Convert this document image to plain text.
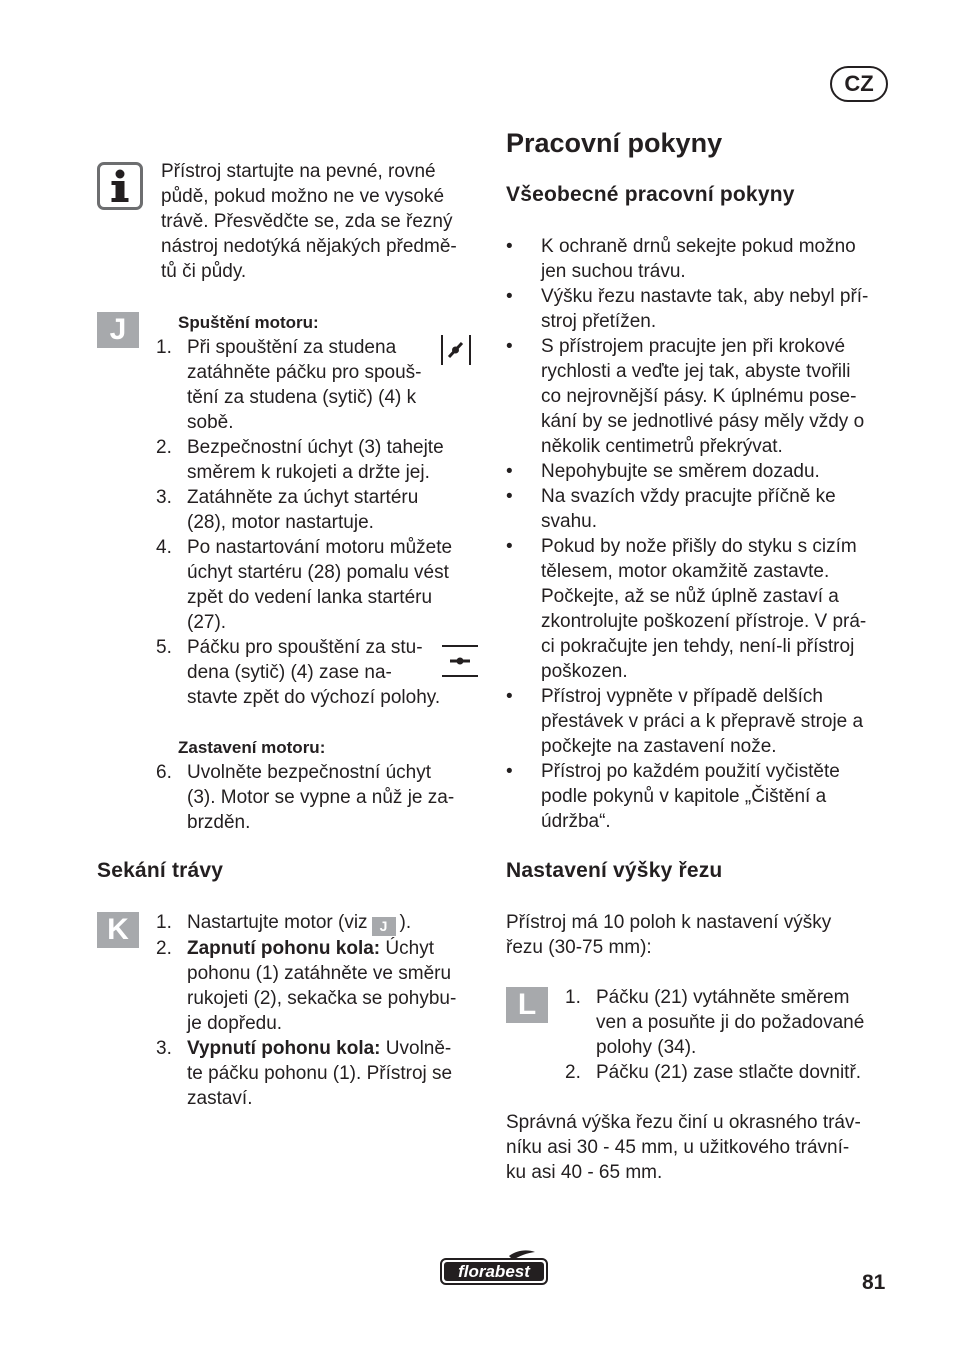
CZ
Přístroj startujte na pevné, rovné
půdě, pokud možno ne ve vysoké
trávě. Přesvědčte se, zda se řezný
nástroj nedotýká nějakých předmě-
tů či půdy.
J	Spuštění motoru:
1. Při spouštění za studena
zatáhněte páčku pro spouš-
tění za studena (sytič) (4) k
sobě.
2. Bezpečnostní úchyt (3) tahejte
směrem k rukojeti a držte jej.
3. Zatáhněte za úchyt startéru
(28), motor nastartuje.
4. Po nastartování motoru můžete
úchyt startéru (28) pomalu vést
zpět do vedení lanka startéru
(27).
5. Páčku pro spouštění za stu-
dena (sytič) (4) zase na-
stavte zpět do výchozí polohy.
Zastavení motoru:
6. Uvolněte bezpečnostní úchyt
(3). Motor se vypne a nůž je za-
brzděn.
Sekání trávy
K	1. Nastartujte motor (viz J ).
2. Zapnutí pohonu kola: Úchyt
pohonu (1) zatáhněte ve směru
rukojeti (2), sekačka se pohybu-
je dopředu.
3. Vypnutí pohonu kola: Uvolně-
te páčku pohonu (1). Přístroj se
zastaví.
Pracovní pokyny
Všeobecné pracovní pokyny
• K ochraně drnů sekejte pokud možno
jen suchou trávu.
• Výšku řezu nastavte tak, aby nebyl pří-
stroj přetížen.
• S přístrojem pracujte jen při krokové
rychlosti a veďte jej tak, abyste tvořili
co nejrovnější pásy. K úplnému pose-
kání by se jednotlivé pásy měly vždy o
několik centimetrů překrývat.
• Nepohybujte se směrem dozadu.
• Na svazích vždy pracujte příčně ke
svahu.
• Pokud by nože přišly do styku s cizím
tělesem, motor okamžitě zastavte.
Počkejte, až se nůž úplně zastaví a
zkontrolujte poškození přístroje. V prá-
ci pokračujte jen tehdy, není-li přístroj
poškozen.
• Přístroj vypněte v případě delších
přestávek v práci a k přepravě stroje a
počkejte na zastavení nože.
• Přístroj po každém použití vyčistěte
podle pokynů v kapitole „Čištění a
údržba“.
Nastavení výšky řezu
Přístroj má 10 poloh k nastavení výšky
řezu (30-75 mm):
L	1. Páčku (21) vytáhněte směrem
ven a posuňte ji do požadované
polohy (34).
2. Páčku (21) zase stlačte dovnitř.
Správná výška řezu činí u okrasného tráv-
níku asi 30 - 45 mm, u užitkového trávní-
ku asi 40 - 65 mm.
florabest	81
